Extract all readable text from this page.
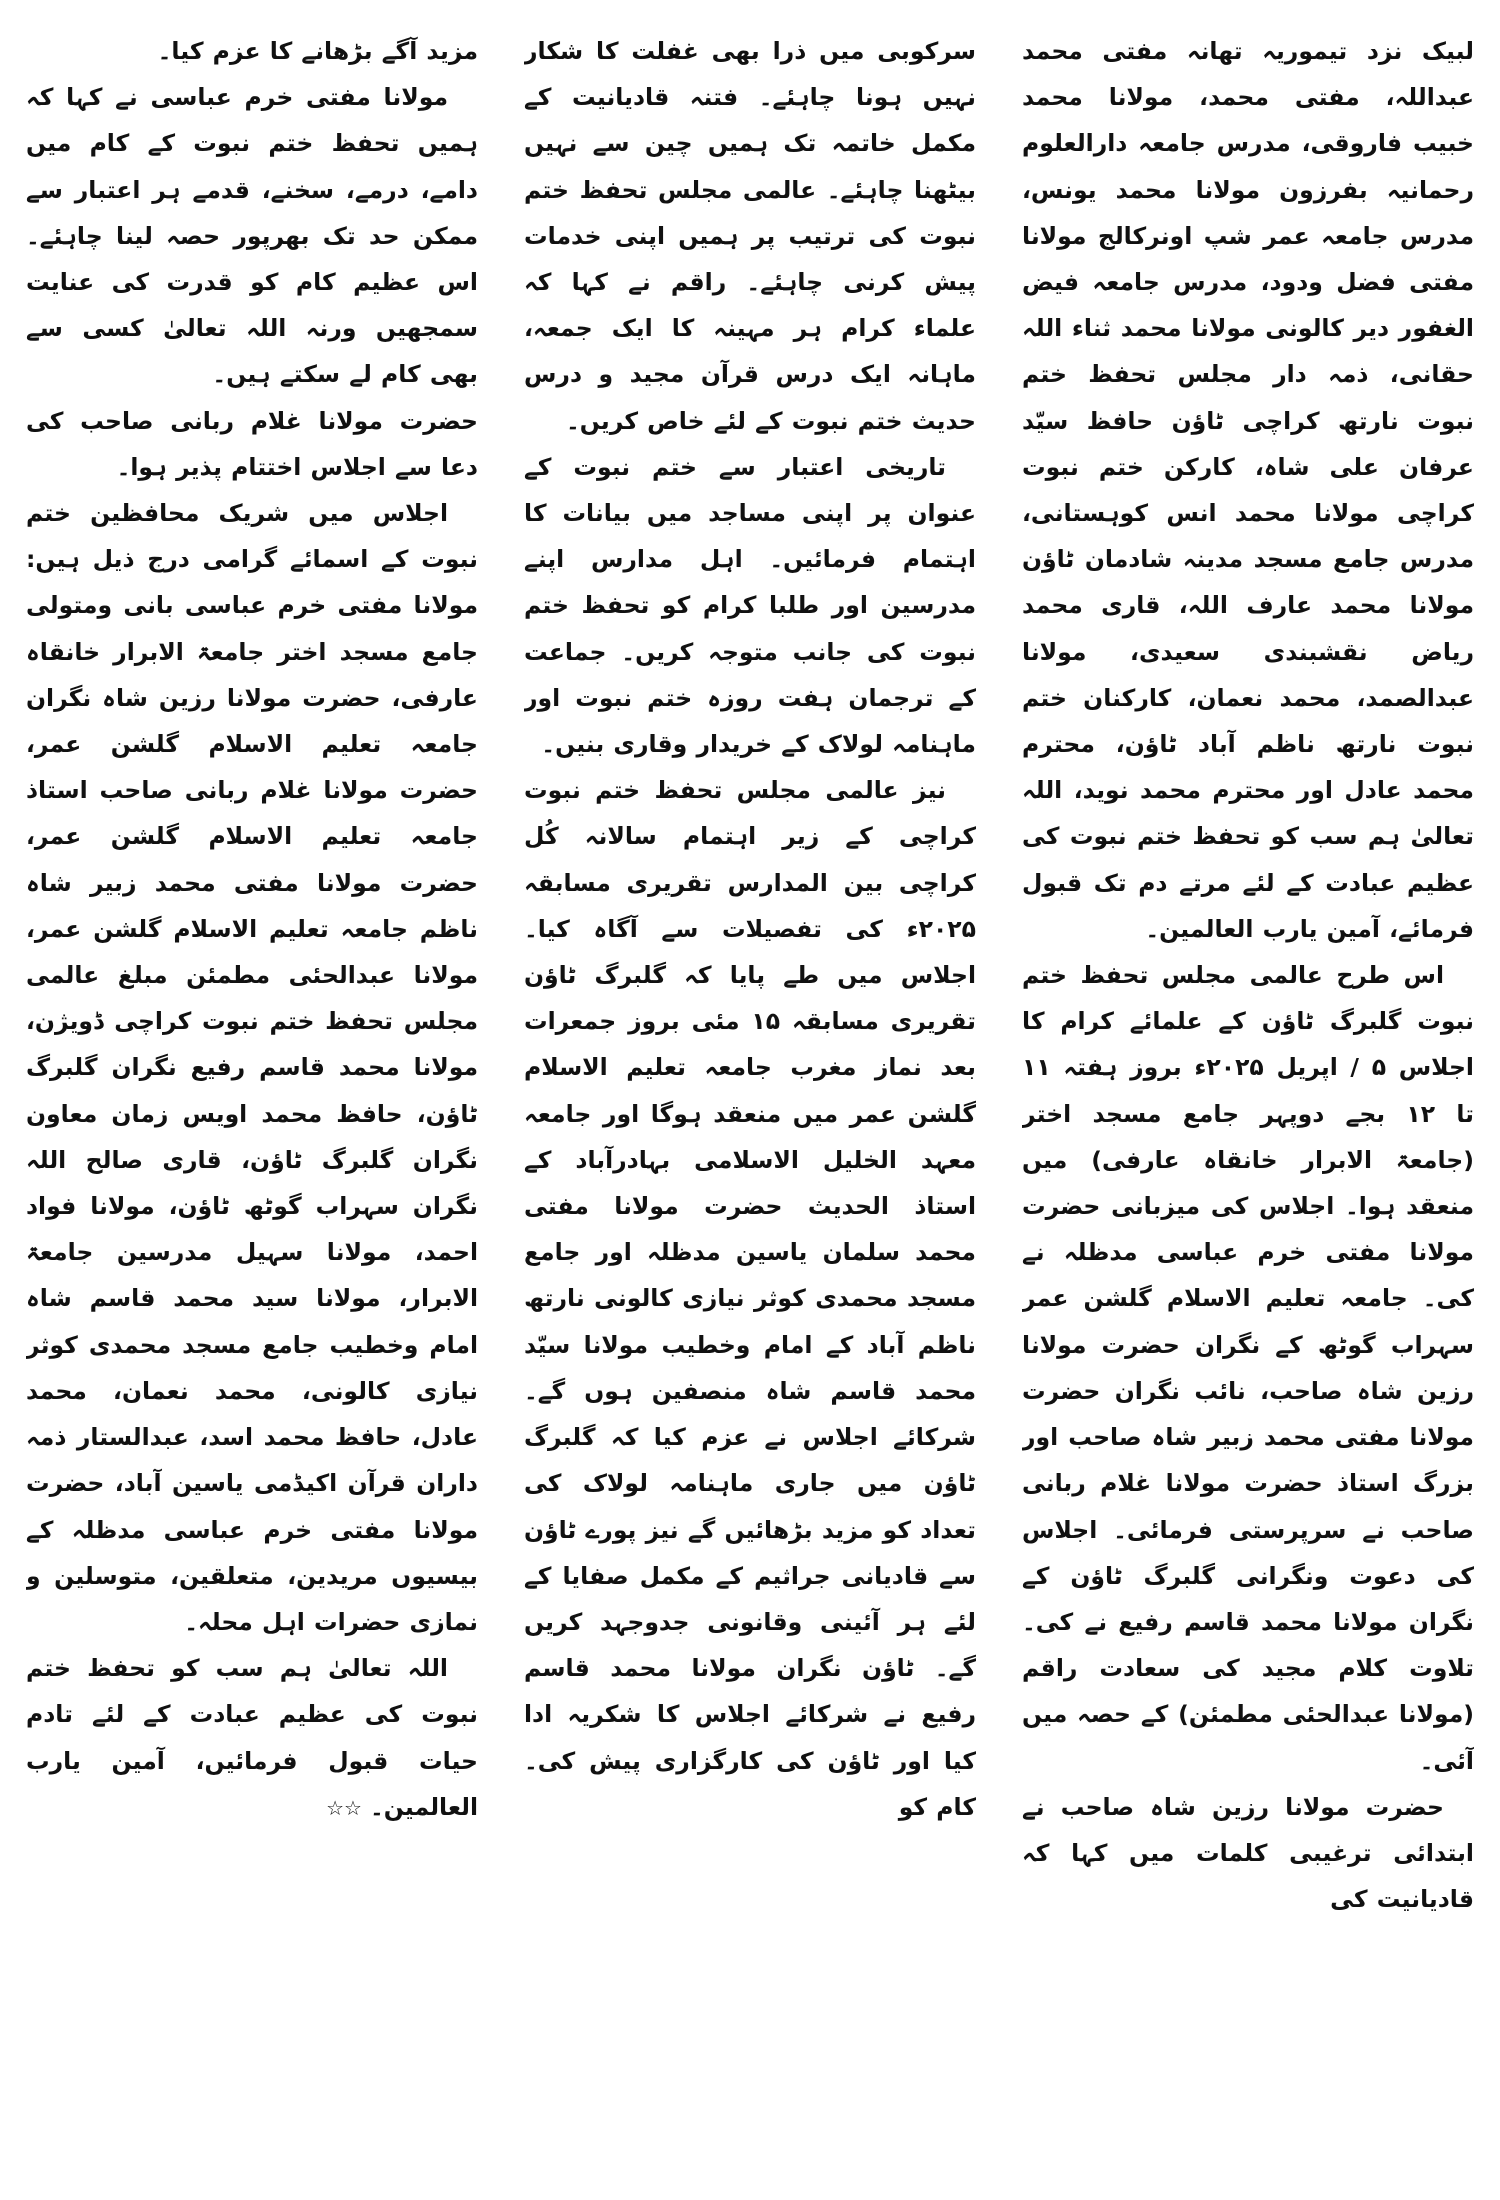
لبیک نزد تیموریہ تھانہ مفتی محمد عبداللہ، مفتی محمد، مولانا محمد خبیب فاروقی، مدرس جامعہ دارالعلوم رحمانیہ بفرزون مولانا محمد یونس، مدرس جامعہ عمر شپ اونرکالج مولانا مفتی فضل ودود، مدرس جامعہ فیض الغفور دیر کالونی مولانا محمد ثناء اللہ حقانی، ذمہ دار مجلس تحفظ ختم نبوت نارتھ کراچی ٹاؤن حافظ سیّد عرفان علی شاہ، کارکن ختم نبوت کراچی مولانا محمد انس کوہستانی، مدرس جامع مسجد مدینہ شادمان ٹاؤن مولانا محمد عارف اللہ، قاری محمد ریاض نقشبندی سعیدی، مولانا عبدالصمد، محمد نعمان، کارکنان ختم نبوت نارتھ ناظم آباد ٹاؤن، محترم محمد عادل اور محترم محمد نوید، اللہ تعالیٰ ہم سب کو تحفظ ختم نبوت کی عظیم عبادت کے لئے مرتے دم تک قبول فرمائے، آمین یارب العالمین۔

اس طرح عالمی مجلس تحفظ ختم نبوت گلبرگ ٹاؤن کے علمائے کرام کا اجلاس ۵ / اپریل ۲۰۲۵ء بروز ہفتہ ۱۱ تا ۱۲ بجے دوپہر جامع مسجد اختر (جامعۃ الابرار خانقاہ عارفی) میں منعقد ہوا۔ اجلاس کی میزبانی حضرت مولانا مفتی خرم عباسی مدظلہ نے کی۔ جامعہ تعلیم الاسلام گلشن عمر سہراب گوٹھ کے نگران حضرت مولانا رزین شاہ صاحب، نائب نگران حضرت مولانا مفتی محمد زبیر شاہ صاحب اور بزرگ استاذ حضرت مولانا غلام ربانی صاحب نے سرپرستی فرمائی۔ اجلاس کی دعوت ونگرانی گلبرگ ٹاؤن کے نگران مولانا محمد قاسم رفیع نے کی۔ تلاوت کلام مجید کی سعادت راقم (مولانا عبدالحئی مطمئن) کے حصہ میں آئی۔

حضرت مولانا رزین شاہ صاحب نے ابتدائی ترغیبی کلمات میں کہا کہ قادیانیت کی

سرکوبی میں ذرا بھی غفلت کا شکار نہیں ہونا چاہئے۔ فتنہ قادیانیت کے مکمل خاتمہ تک ہمیں چین سے نہیں بیٹھنا چاہئے۔ عالمی مجلس تحفظ ختم نبوت کی ترتیب پر ہمیں اپنی خدمات پیش کرنی چاہئے۔ راقم نے کہا کہ علماء کرام ہر مہینہ کا ایک جمعہ، ماہانہ ایک درس قرآن مجید و درس حدیث ختم نبوت کے لئے خاص کریں۔

تاریخی اعتبار سے ختم نبوت کے عنوان پر اپنی مساجد میں بیانات کا اہتمام فرمائیں۔ اہل مدارس اپنے مدرسین اور طلبا کرام کو تحفظ ختم نبوت کی جانب متوجہ کریں۔ جماعت کے ترجمان ہفت روزہ ختم نبوت اور ماہنامہ لولاک کے خریدار وقاری بنیں۔

نیز عالمی مجلس تحفظ ختم نبوت کراچی کے زیر اہتمام سالانہ کُل کراچی بین المدارس تقریری مسابقہ ۲۰۲۵ء کی تفصیلات سے آگاہ کیا۔ اجلاس میں طے پایا کہ گلبرگ ٹاؤن تقریری مسابقہ ۱۵ مئی بروز جمعرات بعد نماز مغرب جامعہ تعلیم الاسلام گلشن عمر میں منعقد ہوگا اور جامعہ معہد الخلیل الاسلامی بہادرآباد کے استاذ الحدیث حضرت مولانا مفتی محمد سلمان یاسین مدظلہ اور جامع مسجد محمدی کوثر نیازی کالونی نارتھ ناظم آباد کے امام وخطیب مولانا سیّد محمد قاسم شاہ منصفین ہوں گے۔ شرکائے اجلاس نے عزم کیا کہ گلبرگ ٹاؤن میں جاری ماہنامہ لولاک کی تعداد کو مزید بڑھائیں گے نیز پورے ٹاؤن سے قادیانی جراثیم کے مکمل صفایا کے لئے ہر آئینی وقانونی جدوجہد کریں گے۔ ٹاؤن نگران مولانا محمد قاسم رفیع نے شرکائے اجلاس کا شکریہ ادا کیا اور ٹاؤن کی کارگزاری پیش کی۔ کام کو

مزید آگے بڑھانے کا عزم کیا۔

مولانا مفتی خرم عباسی نے کہا کہ ہمیں تحفظ ختم نبوت کے کام میں دامے، درمے، سخنے، قدمے ہر اعتبار سے ممکن حد تک بھرپور حصہ لینا چاہئے۔ اس عظیم کام کو قدرت کی عنایت سمجھیں ورنہ اللہ تعالیٰ کسی سے بھی کام لے سکتے ہیں۔

حضرت مولانا غلام ربانی صاحب کی دعا سے اجلاس اختتام پذیر ہوا۔

اجلاس میں شریک محافظین ختم نبوت کے اسمائے گرامی درج ذیل ہیں: مولانا مفتی خرم عباسی بانی ومتولی جامع مسجد اختر جامعۃ الابرار خانقاہ عارفی، حضرت مولانا رزین شاہ نگران جامعہ تعلیم الاسلام گلشن عمر، حضرت مولانا غلام ربانی صاحب استاذ جامعہ تعلیم الاسلام گلشن عمر، حضرت مولانا مفتی محمد زبیر شاہ ناظم جامعہ تعلیم الاسلام گلشن عمر، مولانا عبدالحئی مطمئن مبلغ عالمی مجلس تحفظ ختم نبوت کراچی ڈویژن، مولانا محمد قاسم رفیع نگران گلبرگ ٹاؤن، حافظ محمد اویس زمان معاون نگران گلبرگ ٹاؤن، قاری صالح اللہ نگران سہراب گوٹھ ٹاؤن، مولانا فواد احمد، مولانا سہیل مدرسین جامعۃ الابرار، مولانا سید محمد قاسم شاہ امام وخطیب جامع مسجد محمدی کوثر نیازی کالونی، محمد نعمان، محمد عادل، حافظ محمد اسد، عبدالستار ذمہ داران قرآن اکیڈمی یاسین آباد، حضرت مولانا مفتی خرم عباسی مدظلہ کے بیسیوں مریدین، متعلقین، متوسلین و نمازی حضرات اہل محلہ۔

اللہ تعالیٰ ہم سب کو تحفظ ختم نبوت کی عظیم عبادت کے لئے تادم حیات قبول فرمائیں، آمین یارب العالمین۔☆☆
